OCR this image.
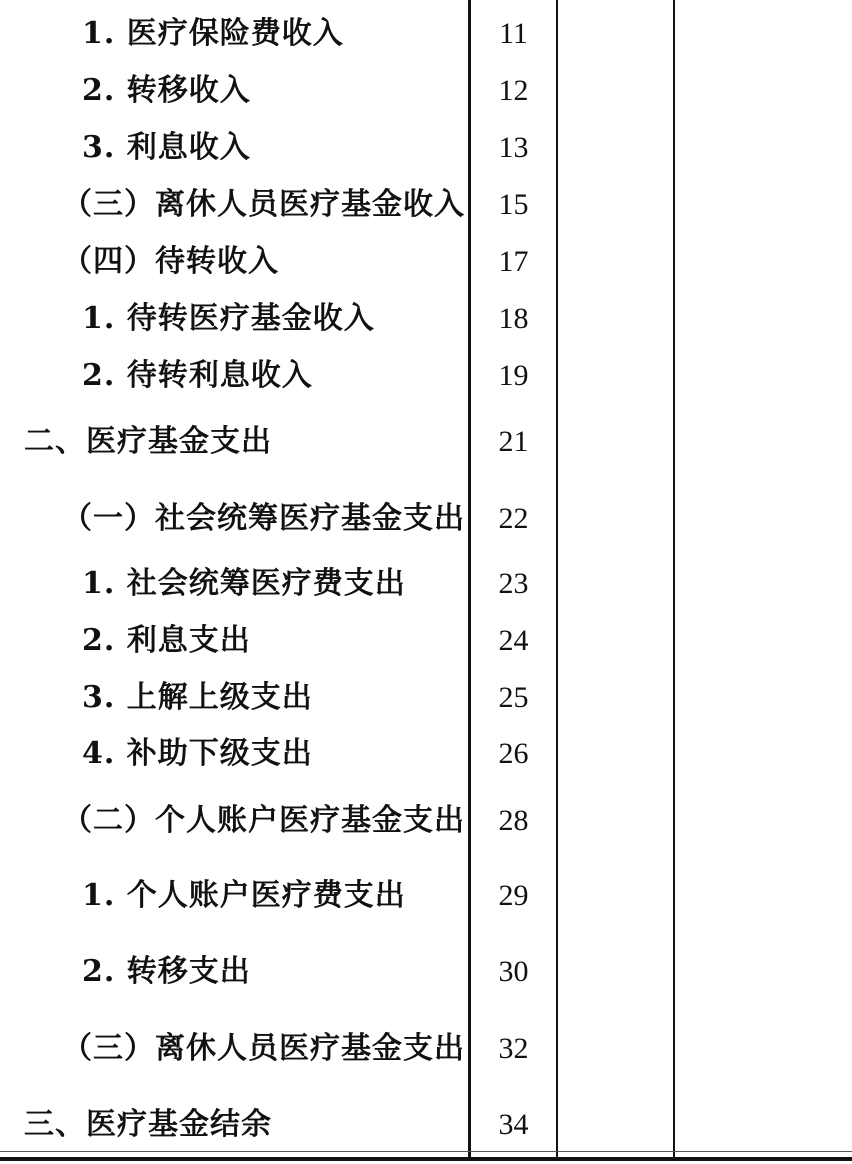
1. 医疗保险费收入	11
2. 转移收入	12
3. 利息收入	13
（三）离休人员医疗基金收入	15
（四）待转收入	17
1. 待转医疗基金收入	18
2. 待转利息收入	19
二、医疗基金支出	21
（一）社会统筹医疗基金支出	22
1. 社会统筹医疗费支出	23
2. 利息支出	24
3. 上解上级支出	25
4. 补助下级支出	26
（二）个人账户医疗基金支出	28
1. 个人账户医疗费支出	29
2. 转移支出	30
（三）离休人员医疗基金支出	32
三、医疗基金结余	34
